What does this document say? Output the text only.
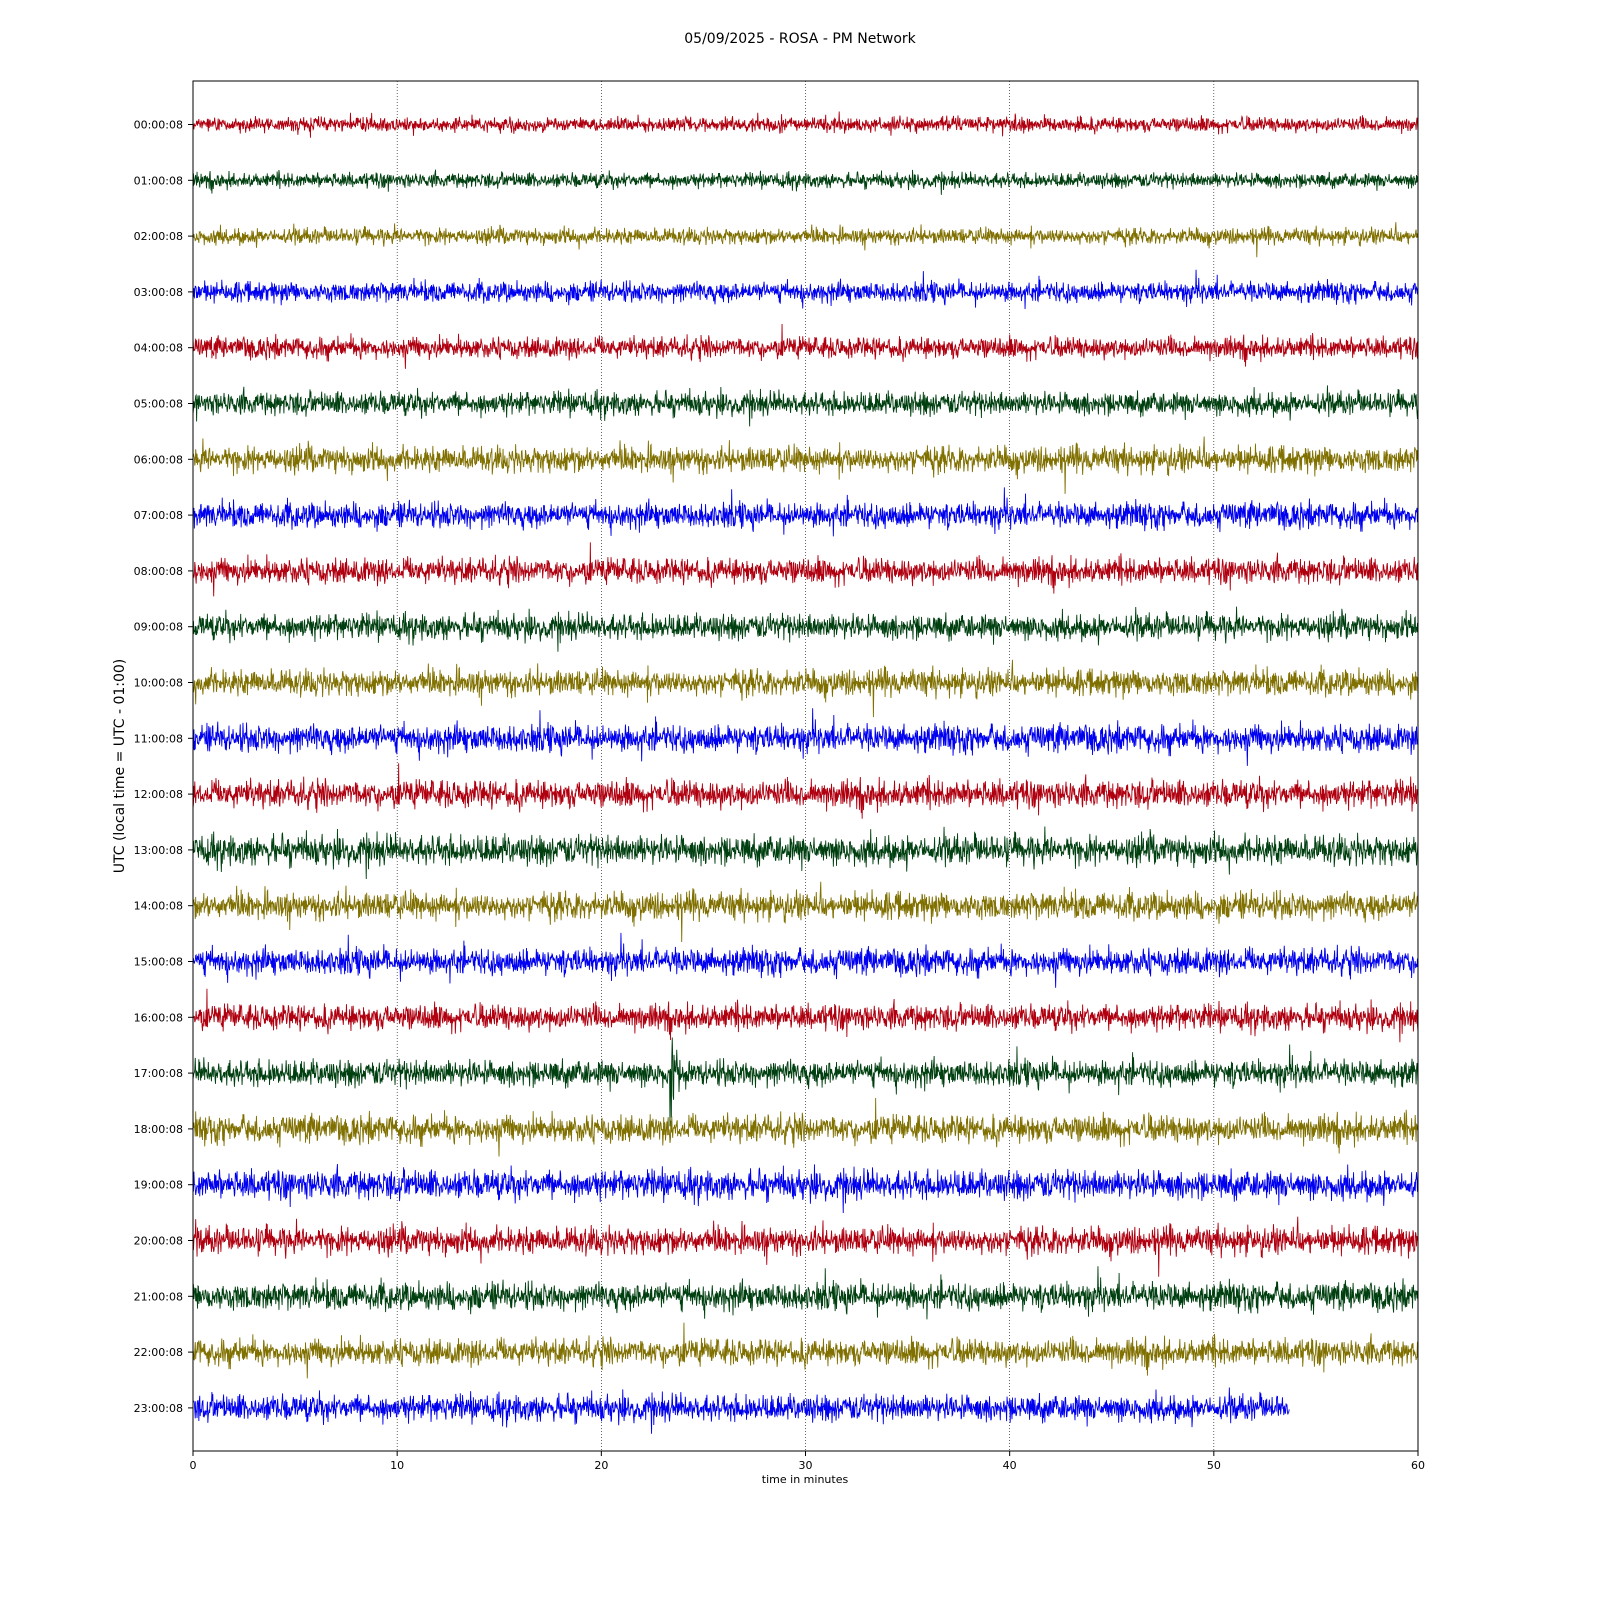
05/09/2025 - ROSA - PM Network
00:00:08
01:00:08
02:00:08
03:00:08
04:00:08
05:00:08
06:00:08
07:00:08
08:00:08
09:00:08
10:00:08
11:00:08
12:00:08
13:00:08
14:00:08
15:00:08
16:00:08
17:00:08
18:00:08
19:00:08
20:00:08
21:00:08
22:00:08
23:00:08
0	10	20	30	40	50	60
time in minutes
UTC (local time = UTC - 01:00)
